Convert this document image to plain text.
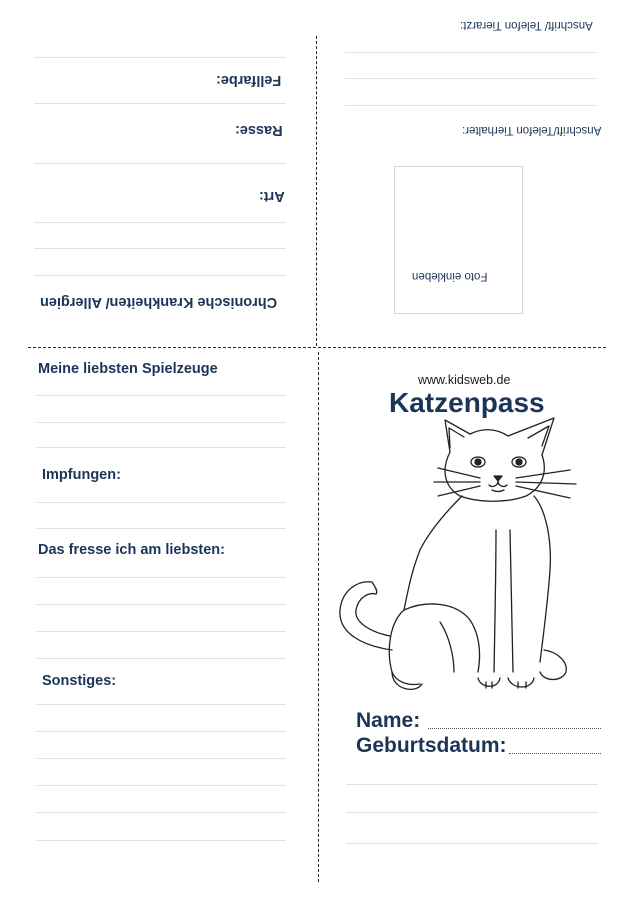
Anschrift/ Telefon Tierarzt:
Anschrift/Telefon Tierhalter:
Foto einkleben
Fellfarbe:
Rasse:
Art:
Chronische Krankheiten/ Allergien
Meine liebsten Spielzeuge
Impfungen:
Das fresse ich am liebsten:
Sonstiges:
www.kidsweb.de
Katzenpass
Name:
Geburtsdatum:
